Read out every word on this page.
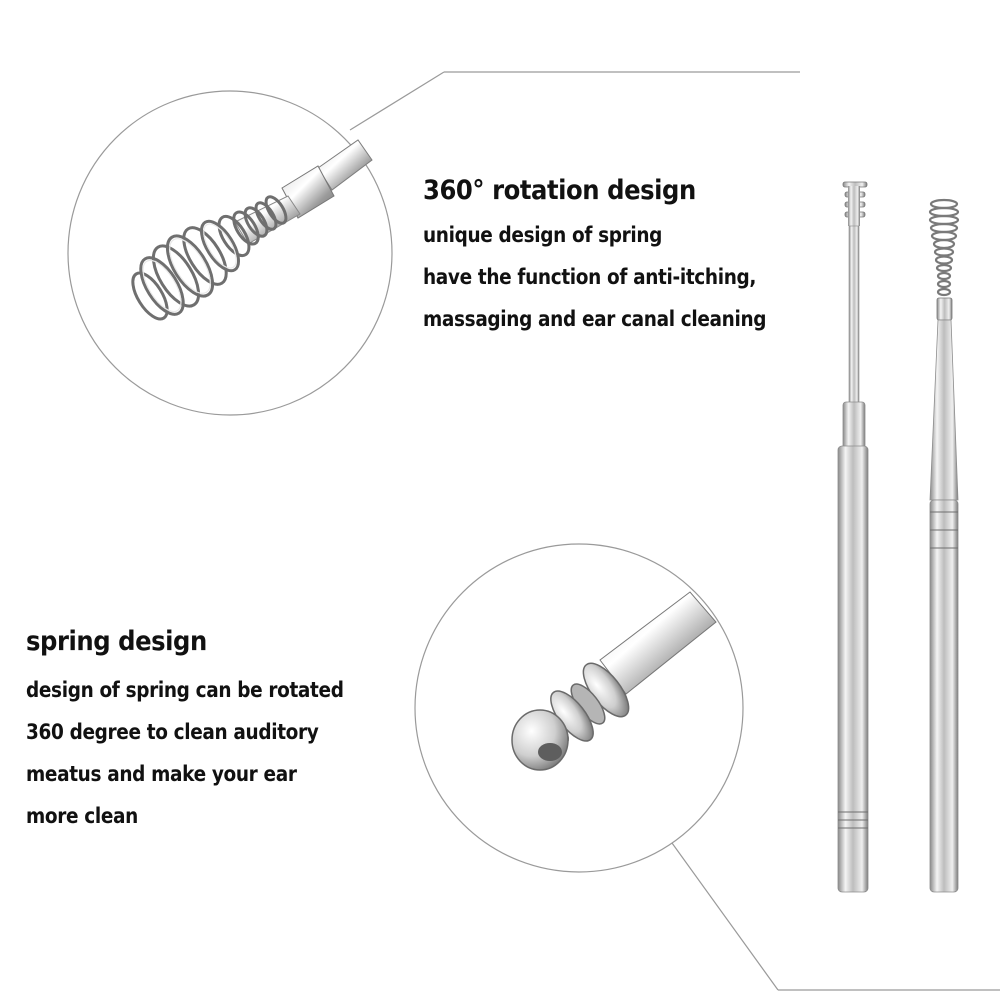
360° rotation design
unique design of spring
have the function of anti-itching,
massaging and ear canal cleaning
spring design
design of spring can be rotated
360 degree to clean auditory
meatus and make your ear
more clean
